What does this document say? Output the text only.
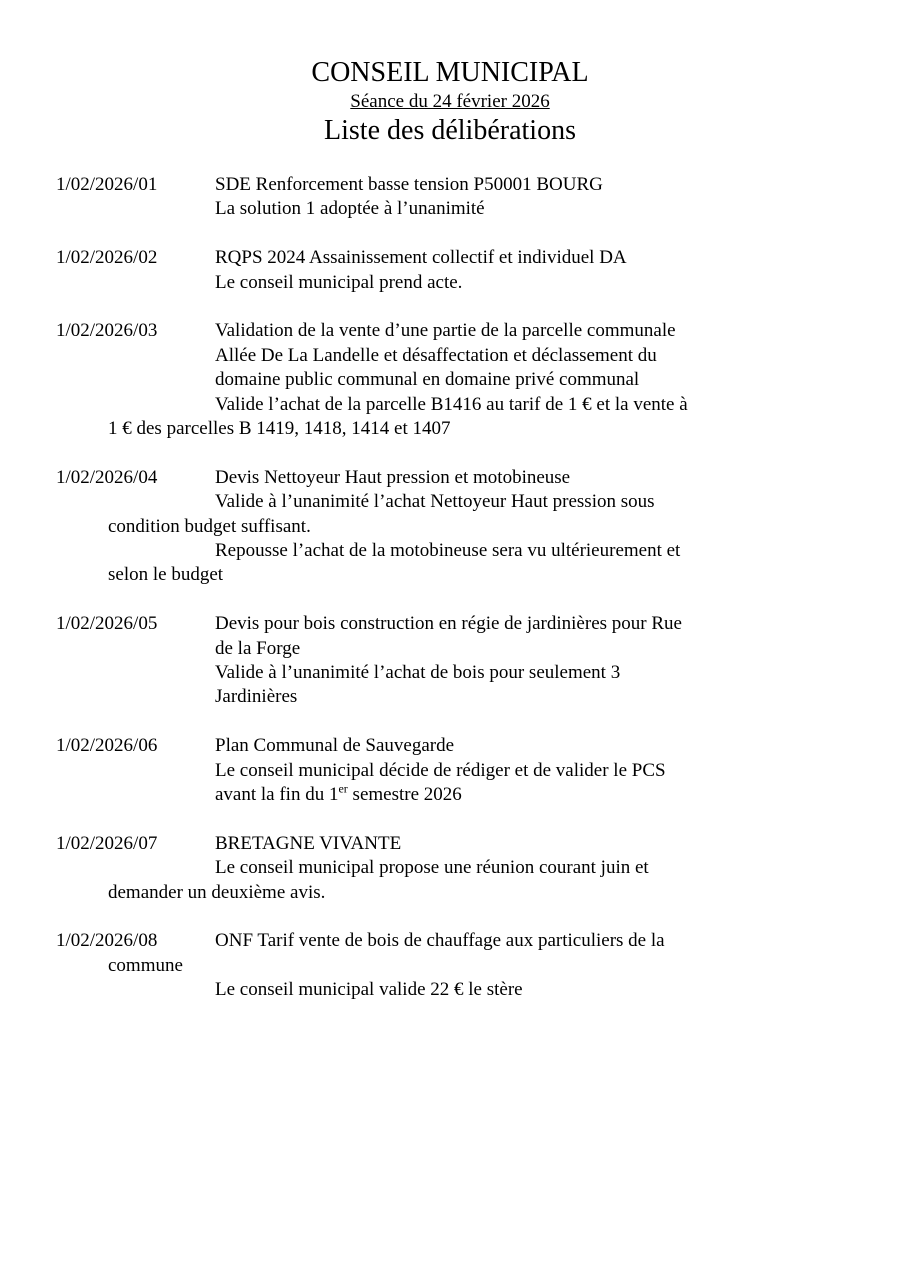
CONSEIL MUNICIPAL
Séance du 24 février 2026
Liste des délibérations
1/02/2026/01	SDE Renforcement basse tension P50001 BOURG
La solution 1 adoptée à l’unanimité
1/02/2026/02	RQPS 2024 Assainissement collectif et individuel DA
Le conseil municipal prend acte.
1/02/2026/03	Validation de la vente d’une partie de la parcelle communale
Allée De La Landelle et désaffectation et déclassement du
domaine public communal en domaine privé communal
Valide l’achat de la parcelle B1416 au tarif de 1 € et la vente à
1 € des parcelles B 1419, 1418, 1414 et 1407
1/02/2026/04	Devis Nettoyeur Haut pression et motobineuse
Valide à l’unanimité l’achat Nettoyeur Haut pression sous
condition budget suffisant.
Repousse l’achat de la motobineuse sera vu ultérieurement et
selon le budget
1/02/2026/05	Devis pour bois construction en régie de jardinières pour Rue
de la Forge
Valide à l’unanimité l’achat de bois pour seulement 3
Jardinières
1/02/2026/06	Plan Communal de Sauvegarde
Le conseil municipal décide de rédiger et de valider le PCS
avant la fin du 1er semestre 2026
1/02/2026/07	BRETAGNE VIVANTE
Le conseil municipal propose une réunion courant juin et
demander un deuxième avis.
1/02/2026/08	ONF Tarif vente de bois de chauffage aux particuliers de la
commune
Le conseil municipal valide 22 € le stère
